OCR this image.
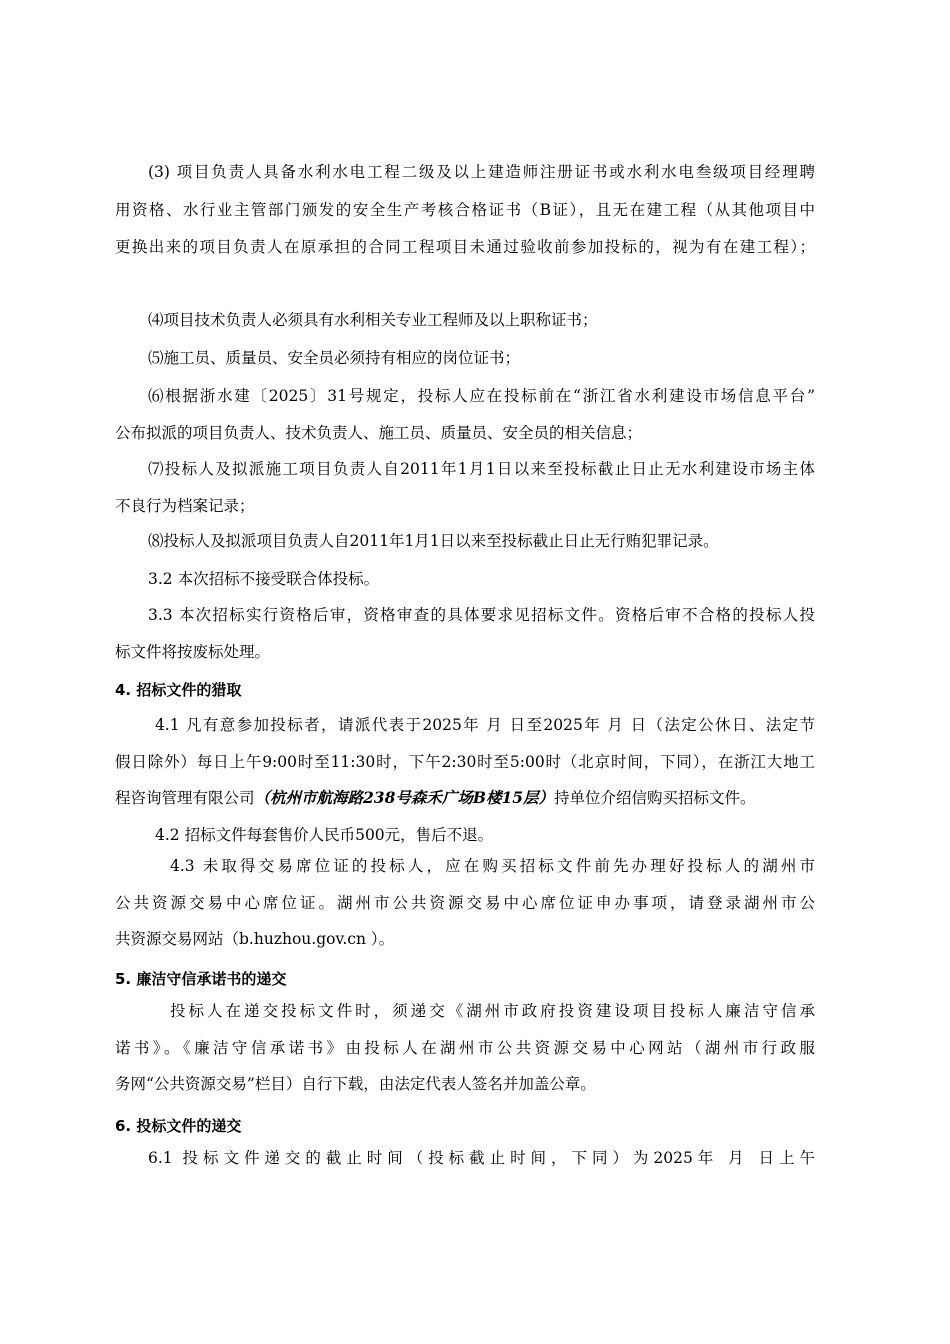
(3) 项目负责人具备水利水电工程二级及以上建造师注册证书或水利水电叁级项目经理聘
用资格、水行业主管部门颁发的安全生产考核合格证书（B证），且无在建工程（从其他项目中
更换出来的项目负责人在原承担的合同工程项目未通过验收前参加投标的，视为有在建工程）；
⑷项目技术负责人必须具有水利相关专业工程师及以上职称证书；
⑸施工员、质量员、安全员必须持有相应的岗位证书；
⑹根据浙水建〔2025〕31号规定，投标人应在投标前在“浙江省水利建设市场信息平台”
公布拟派的项目负责人、技术负责人、施工员、质量员、安全员的相关信息；
⑺投标人及拟派施工项目负责人自2011年1月1日以来至投标截止日止无水利建设市场主体
不良行为档案记录；
⑻投标人及拟派项目负责人自2011年1月1日以来至投标截止日止无行贿犯罪记录。
3.2 本次招标不接受联合体投标。
3.3 本次招标实行资格后审，资格审查的具体要求见招标文件。资格后审不合格的投标人投
标文件将按废标处理。
4. 招标文件的猎取
4.1 凡有意参加投标者，请派代表于2025年 月 日至2025年 月 日（法定公休日、法定节
假日除外）每日上午9:00时至11:30时，下午2:30时至5:00时（北京时间，下同），在浙江大地工
程咨询管理有限公司（杭州市航海路238号森禾广场B楼15层）持单位介绍信购买招标文件。
4.2 招标文件每套售价人民币500元，售后不退。
4.3 未取得交易席位证的投标人，应在购买招标文件前先办理好投标人的湖州市
公共资源交易中心席位证。湖州市公共资源交易中心席位证申办事项，请登录湖州市公
共资源交易网站（b.huzhou.gov.cn ）。
5. 廉洁守信承诺书的递交
投标人在递交投标文件时，须递交《湖州市政府投资建设项目投标人廉洁守信承
诺书》。《廉洁守信承诺书》由投标人在湖州市公共资源交易中心网站（湖州市行政服
务网“公共资源交易”栏目）自行下载，由法定代表人签名并加盖公章。
6. 投标文件的递交
6.1 投标文件递交的截止时间（投标截止时间，下同）为2025年 月 日上午
